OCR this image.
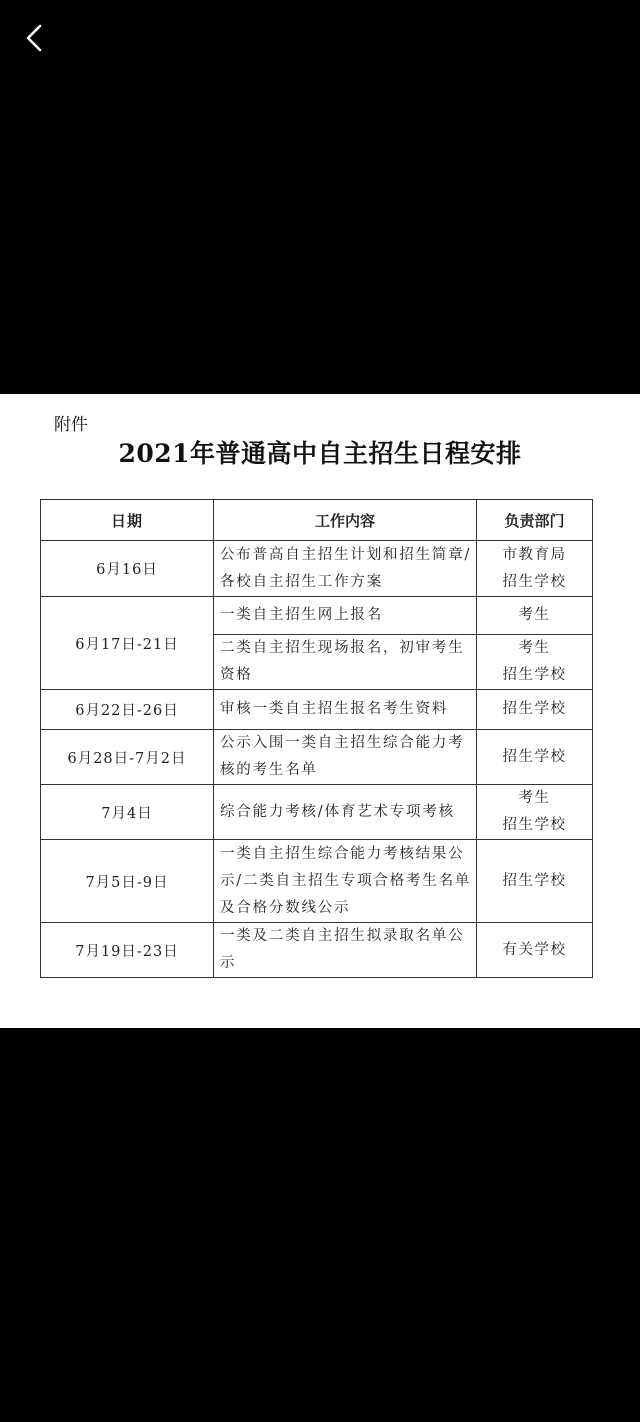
附件
2021年普通高中自主招生日程安排
日期	工作内容	负责部门
6月16日	公布普高自主招生计划和招生简章/各校自主招生工作方案	市教育局
招生学校

6月17日-21日	一类自主招生网上报名	考生

	二类自主招生现场报名，初审考生资格	考生
招生学校

6月22日-26日	审核一类自主招生报名考生资料	招生学校

6月28日-7月2日	公示入围一类自主招生综合能力考核的考生名单	招生学校

7月4日	综合能力考核/体育艺术专项考核	考生
招生学校

7月5日-9日	一类自主招生综合能力考核结果公示/二类自主招生专项合格考生名单及合格分数线公示	招生学校

7月19日-23日	一类及二类自主招生拟录取名单公示	有关学校
